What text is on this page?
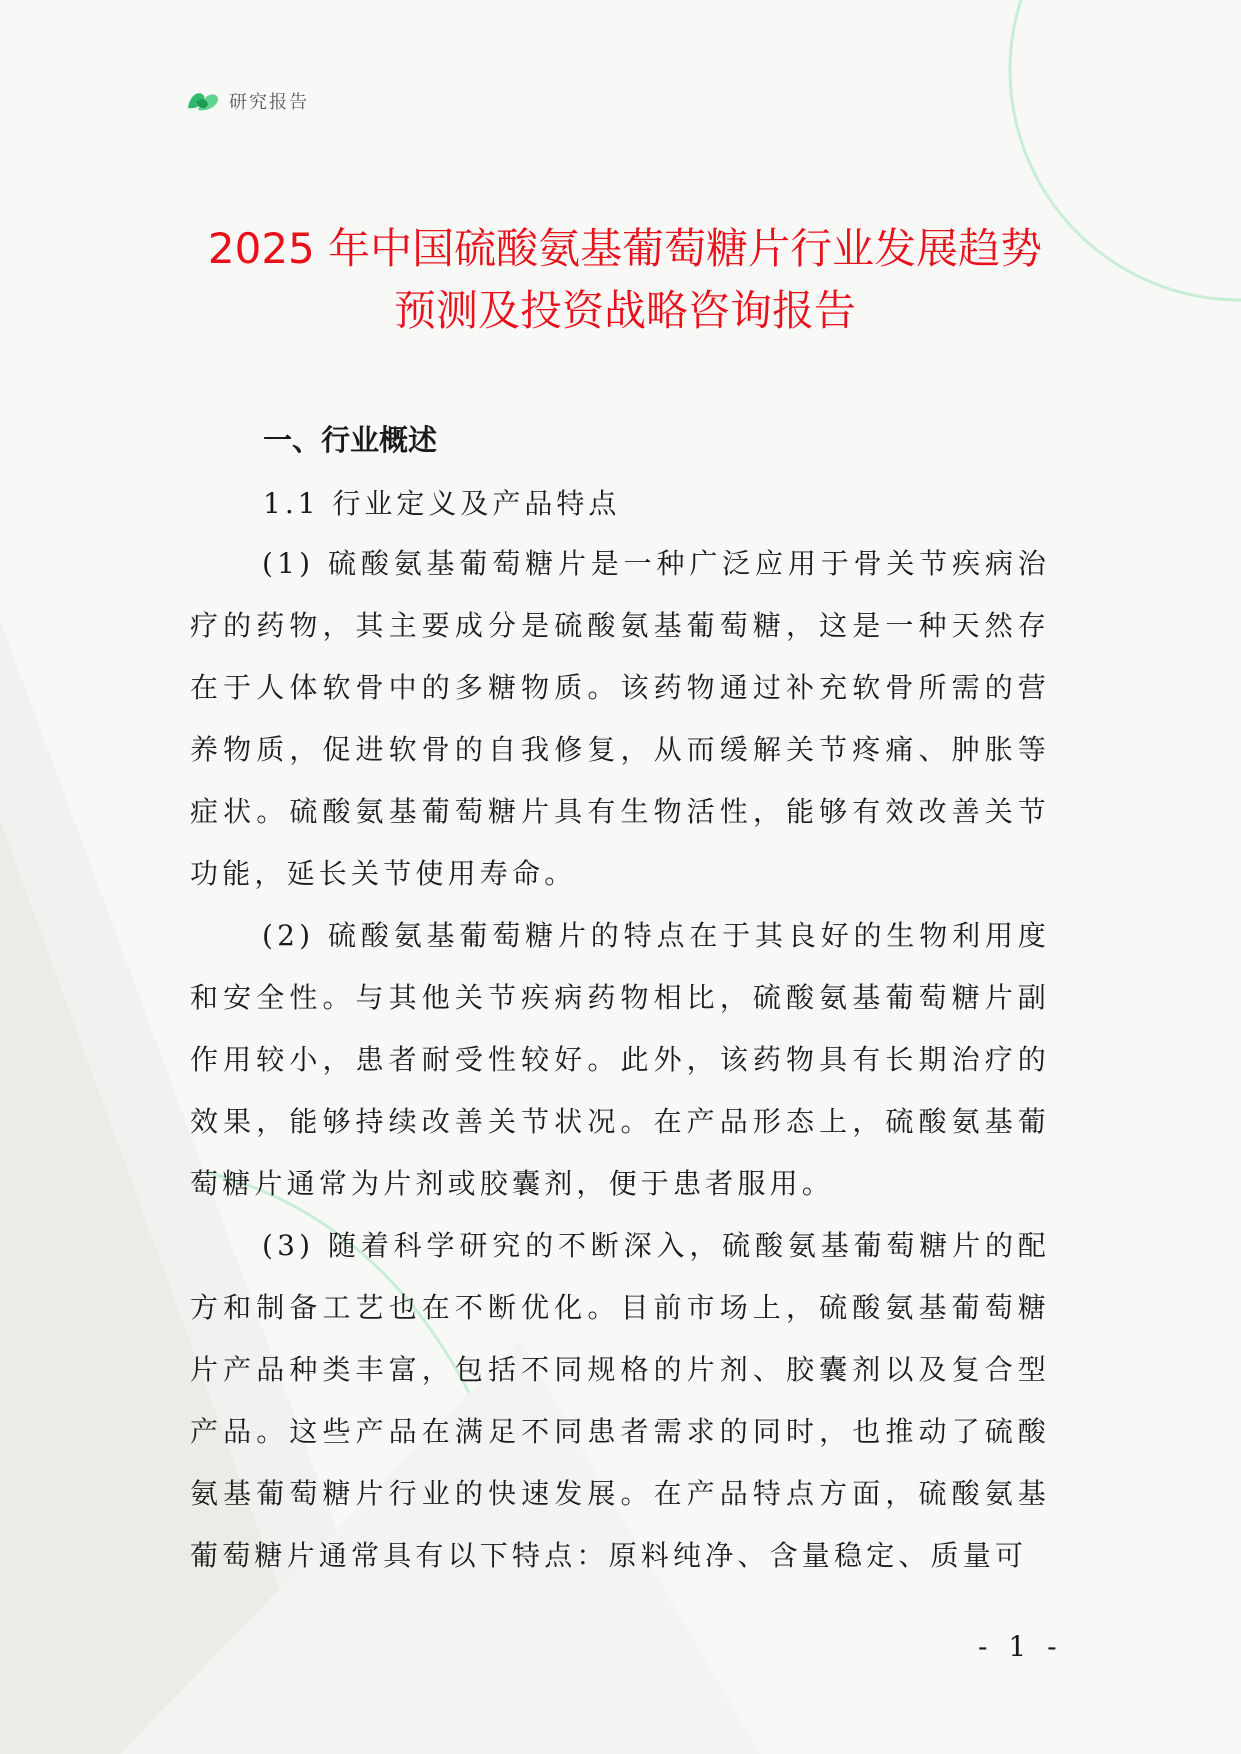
研究报告
2025 年中国硫酸氨基葡萄糖片行业发展趋势预测及投资战略咨询报告
一、行业概述
1.1 行业定义及产品特点

(1) 硫酸氨基葡萄糖片是一种广泛应用于骨关节疾病治疗的药物，其主要成分是硫酸氨基葡萄糖，这是一种天然存在于人体软骨中的多糖物质。该药物通过补充软骨所需的营养物质，促进软骨的自我修复，从而缓解关节疼痛、肿胀等症状。硫酸氨基葡萄糖片具有生物活性，能够有效改善关节功能，延长关节使用寿命。

(2) 硫酸氨基葡萄糖片的特点在于其良好的生物利用度和安全性。与其他关节疾病药物相比，硫酸氨基葡萄糖片副作用较小，患者耐受性较好。此外，该药物具有长期治疗的效果，能够持续改善关节状况。在产品形态上，硫酸氨基葡萄糖片通常为片剂或胶囊剂，便于患者服用。

(3) 随着科学研究的不断深入，硫酸氨基葡萄糖片的配方和制备工艺也在不断优化。目前市场上，硫酸氨基葡萄糖片产品种类丰富，包括不同规格的片剂、胶囊剂以及复合型产品。这些产品在满足不同患者需求的同时，也推动了硫酸氨基葡萄糖片行业的快速发展。在产品特点方面，硫酸氨基葡萄糖片通常具有以下特点：原料纯净、含量稳定、质量可

- 1 -
